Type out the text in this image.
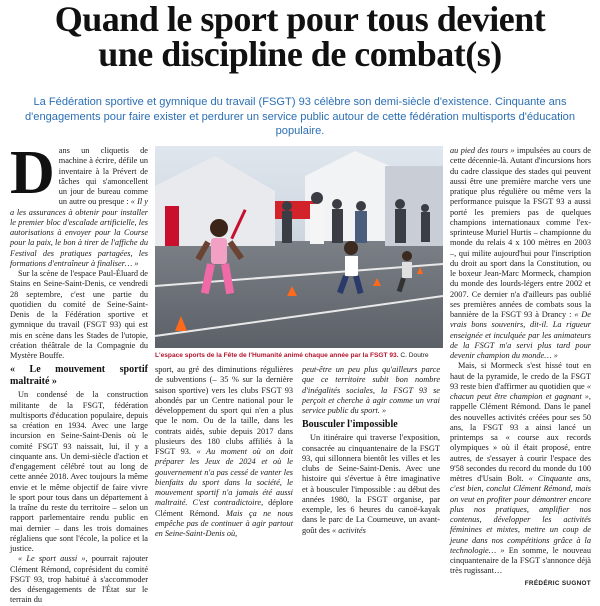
Quand le sport pour tous devient
une discipline de combat(s)
La Fédération sportive et gymnique du travail (FSGT) 93 célèbre son demi-siècle d'existence. Cinquante ans d'engagements pour faire exister et perdurer un service public autour de cette fédération multisports d'éducation populaire.
D ans un cliquetis de machine à écrire, défile un inventaire à la Prévert de tâches qui s'amoncellent un jour de bureau comme un autre ou presque : « Il y a les assurances à obtenir pour installer le premier bloc d'escalade artificielle, les autorisations à envoyer pour la Course pour la paix, le bon à tirer de l'affiche du Festival des pratiques partagées, les formations d'entraîneur à finaliser… »

Sur la scène de l'espace Paul-Éluard de Stains en Seine-Saint-Denis, ce vendredi 28 septembre, c'est une partie du quotidien du comité de Seine-Saint-Denis de la Fédération sportive et gymnique du travail (FSGT 93) qui est mis en scène dans les Stades de l'utopie, création théâtrale de la Compagnie du Mystère Bouffe.

« Le mouvement sportif maltraité »

Un condensé de la construction militante de la FSGT, fédération multisports d'éducation populaire, depuis sa création en 1934. Avec une large incursion en Seine-Saint-Denis où le comité FSGT 93 naissait, lui, il y a cinquante ans. Un demi-siècle d'action et d'engagement célébré tout au long de cette année 2018. Avec toujours la même envie et le même objectif de faire vivre le sport pour tous dans un département à la traîne du reste du territoire – selon un rapport parlementaire rendu public en mai dernier – dans les trois domaines réglaliens que sont l'école, la police et la justice.

« Le sport aussi », pourrait rajouter Clément Rémond, coprésident du comité FSGT 93, trop habitué à s'accommoder des désengagements de l'État sur le terrain du

L'espace sports de la Fête de l'Humanité animé chaque année par la FSGT 93. C. Doutre

sport, au gré des diminutions régulières de subventions (– 35 % sur la dernière saison sportive) vers les clubs FSGT 93 abondés par un Centre national pour le développement du sport qui n'en a plus que le nom. Ou de la taille, dans les contrats aidés, subie depuis 2017 dans plusieurs des 180 clubs affiliés à la FSGT 93. « Au moment où on doit préparer les Jeux de 2024 et où le gouvernement n'a pas cessé de vanter les bienfaits du sport dans la société, le mouvement sportif n'a jamais été aussi maltraité. C'est contradictoire, déplore Clément Rémond. Mais ça ne nous empêche pas de continuer à agir partout en Seine-Saint-Denis où,

peut-être un peu plus qu'ailleurs parce que ce territoire subit bon nombre d'inégalités sociales, la FSGT 93 se perçoit et cherche à agir comme un vrai service public du sport. »

Bousculer l'impossible

Un itinéraire qui traverse l'exposition, consacrée au cinquantenaire de la FSGT 93, qui sillonnera bientôt les villes et les clubs de Seine-Saint-Denis. Avec une histoire qui s'évertue à être imaginative et à bousculer l'impossible : au début des années 1980, la FSGT organise, par exemple, les 6 heures du canoë-kayak dans le parc de La Courneuve, un avant-goût des « activités

au pied des tours » impulsées au cours de cette décennie-là. Autant d'incursions hors du cadre classique des stades qui peuvent aussi être une première marche vers une pratique plus régulière ou même vers la performance puisque la FSGT 93 a aussi porté les premiers pas de quelques champions internationaux comme l'ex-sprinteuse Muriel Hurtis – championne du monde du relais 4 x 100 mètres en 2003 –, qui milite aujourd'hui pour l'inscription du droit au sport dans la Constitution, ou le boxeur Jean-Marc Mormeck, champion du monde des lourds-légers entre 2002 et 2007. Ce dernier n'a d'ailleurs pas oublié ses premières années de combats sous la bannière de la FSGT 93 à Drancy : « De vrais bons souvenirs, dit-il. La rigueur enseignée et inculquée par les animateurs de la FSGT m'a servi plus tard pour devenir champion du monde… »

Mais, si Mormeck s'est hissé tout en haut de la pyramide, le credo de la FSGT 93 reste bien d'affirmer au quotidien que « chacun peut être champion et gagnant », rappelle Clément Rémond. Dans le panel des nouvelles activités créées pour ses 50 ans, la FSGT 93 a ainsi lancé un printemps sa « course aux records olympiques » où il était proposé, entre autres, de s'essayer à courir l'espace des 9'58 secondes du record du monde du 100 mètres d'Usain Bolt. « Cinquante ans, c'est bien, conclut Clément Rémond, mais on veut en profiter pour démontrer encore plus nos pratiques, amplifier nos contenus, développer les activités féminines et mixtes, mettre un coup de jeune dans nos compétitions grâce à la technologie… » En somme, le nouveau cinquantenaire de la FSGT s'annonce déjà très rugissant…

FRÉDÉRIC SUGNOT
